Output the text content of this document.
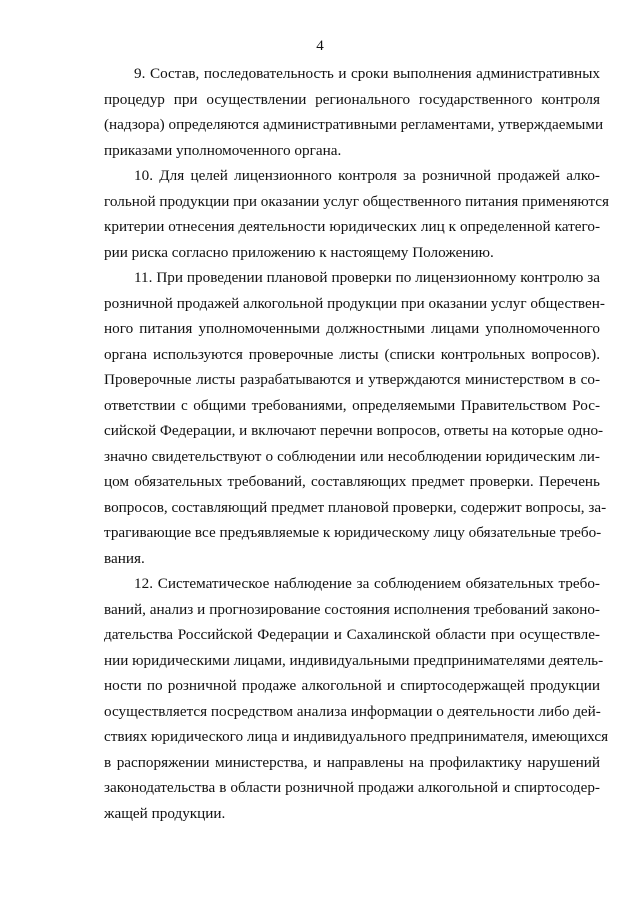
4
9. Состав, последовательность и сроки выполнения административных
процедур при осуществлении регионального государственного контроля
(надзора) определяются административными регламентами, утверждаемыми
приказами уполномоченного органа.
10. Для целей лицензионного контроля за розничной продажей алко-
гольной продукции при оказании услуг общественного питания применяются
критерии отнесения деятельности юридических лиц к определенной катего-
рии риска согласно приложению к настоящему Положению.
11. При проведении плановой проверки по лицензионному контролю за
розничной продажей алкогольной продукции при оказании услуг обществен-
ного питания уполномоченными должностными лицами уполномоченного
органа используются проверочные листы (списки контрольных вопросов).
Проверочные листы разрабатываются и утверждаются министерством в со-
ответствии с общими требованиями, определяемыми Правительством Рос-
сийской Федерации, и включают перечни вопросов, ответы на которые одно-
значно свидетельствуют о соблюдении или несоблюдении юридическим ли-
цом обязательных требований, составляющих предмет проверки. Перечень
вопросов, составляющий предмет плановой проверки, содержит вопросы, за-
трагивающие все предъявляемые к юридическому лицу обязательные требо-
вания.
12. Систематическое наблюдение за соблюдением обязательных требо-
ваний, анализ и прогнозирование состояния исполнения требований законо-
дательства Российской Федерации и Сахалинской области при осуществле-
нии юридическими лицами, индивидуальными предпринимателями деятель-
ности по розничной продаже алкогольной и спиртосодержащей продукции
осуществляется посредством анализа информации о деятельности либо дей-
ствиях юридического лица и индивидуального предпринимателя, имеющихся
в распоряжении министерства, и направлены на профилактику нарушений
законодательства в области розничной продажи алкогольной и спиртосодер-
жащей продукции.
